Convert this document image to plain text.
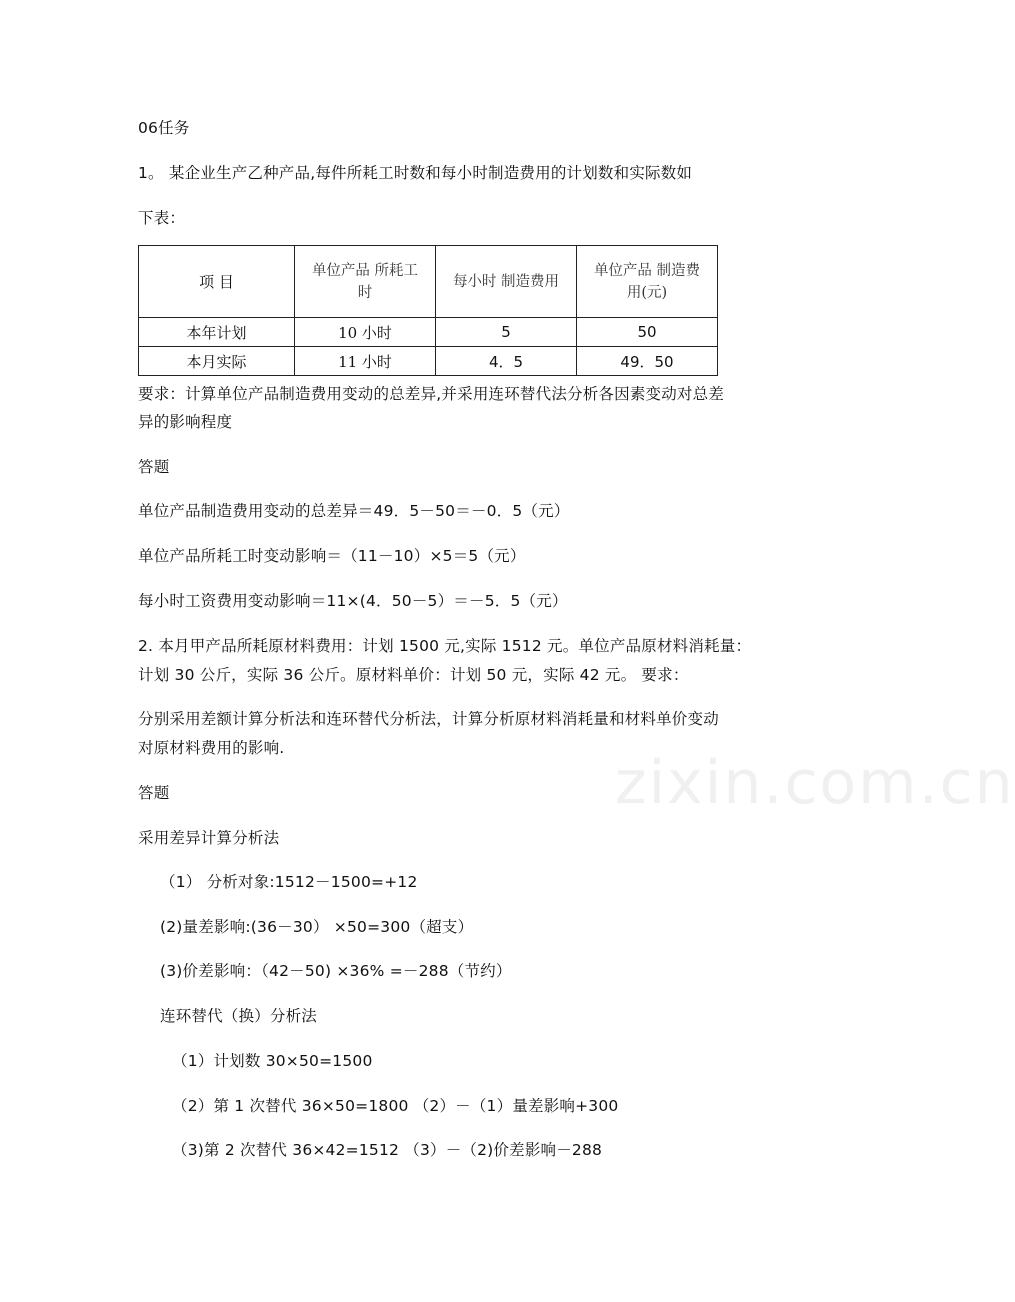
06任务
1。 某企业生产乙种产品,每件所耗工时数和每小时制造费用的计划数和实际数如
下表：
项 目	单位产品 所耗工时	每小时 制造费用	单位产品 制造费用(元)

本年计划	10 小时	5	50
本月实际	11 小时	4．5	49．50
要求：计算单位产品制造费用变动的总差异,并采用连环替代法分析各因素变动对总差
异的影响程度
答题
单位产品制造费用变动的总差异＝49．5－50＝－0．5（元）
单位产品所耗工时变动影响＝（11－10）×5＝5（元）
每小时工资费用变动影响＝11×(4．50－5）＝－5．5（元）
2. 本月甲产品所耗原材料费用：计划 1500 元,实际 1512 元。单位产品原材料消耗量：
计划 30 公斤，实际 36 公斤。原材料单价：计划 50 元，实际 42 元。 要求：
分别采用差额计算分析法和连环替代分析法，计算分析原材料消耗量和材料单价变动
对原材料费用的影响.	zixin.com.cn
答题
采用差异计算分析法
（1） 分析对象:1512－1500=+12
(2)量差影响:(36－30） ×50=300（超支）
(3)价差影响：（42－50) ×36% =－288（节约）
连环替代（换）分析法
（1）计划数 30×50=1500
（2）第 1 次替代 36×50=1800 （2）－（1）量差影响+300
（3)第 2 次替代 36×42=1512 （3）－（2)价差影响－288
